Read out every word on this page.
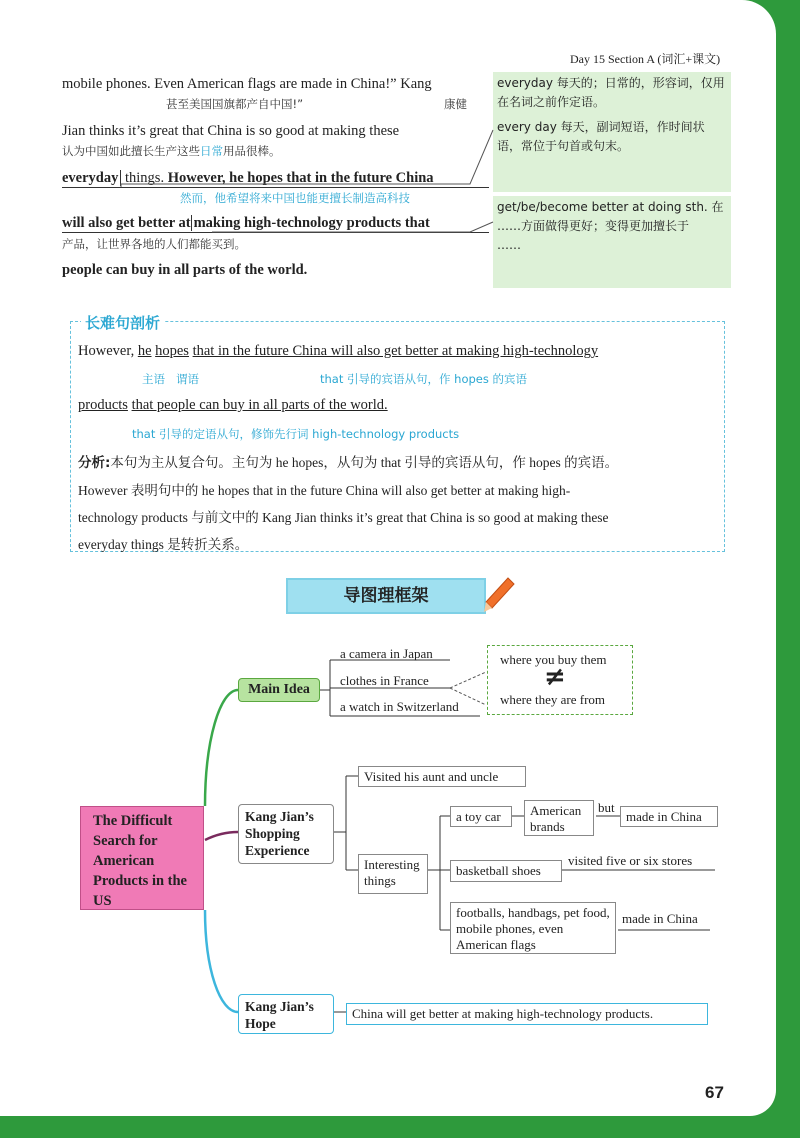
Day 15 Section A (词汇+课文)
mobile phones. Even American flags are made in China!” Kang
甚至美国国旗都产自中国!”	康健
Jian thinks it’s great that China is so good at making these
认为中国如此擅长生产这些日常用品很棒。
everyday things. However, he hopes that in the future China
然而，他希望将来中国也能更擅长制造高科技
will also get better at making high-technology products that
产品，让世界各地的人们都能买到。
people can buy in all parts of the world.
everyday 每天的；日常的，形容词，仅用
在名词之前作定语。
every day 每天，副词短语，作时间状
语，常位于句首或句末。
get/be/become better at doing sth. 在
……方面做得更好；变得更加擅长于
……
长难句剖析
However, he hopes that in the future China will also get better at making high-technology
主语 谓语	that 引导的宾语从句，作 hopes 的宾语
products that people can buy in all parts of the world.
that 引导的定语从句，修饰先行词 high-technology products
分析:本句为主从复合句。主句为 he hopes，从句为 that 引导的宾语从句，作 hopes 的宾语。
However 表明句中的 he hopes that in the future China will also get better at making high-
technology products 与前文中的 Kang Jian thinks it’s great that China is so good at making these
everyday things 是转折关系。
导图理框架
The Difficult Search for American Products in the US
Main Idea
a camera in Japan
clothes in France
a watch in Switzerland
where you buy them
≠
where they are from
Kang Jian’s Shopping Experience
Visited his aunt and uncle
Interesting things
a toy car	American brands
but
made in China
basketball shoes
visited five or six stores
footballs, handbags, pet food, mobile phones, even American flags
made in China
Kang Jian’s Hope
China will get better at making high-technology products.
67
